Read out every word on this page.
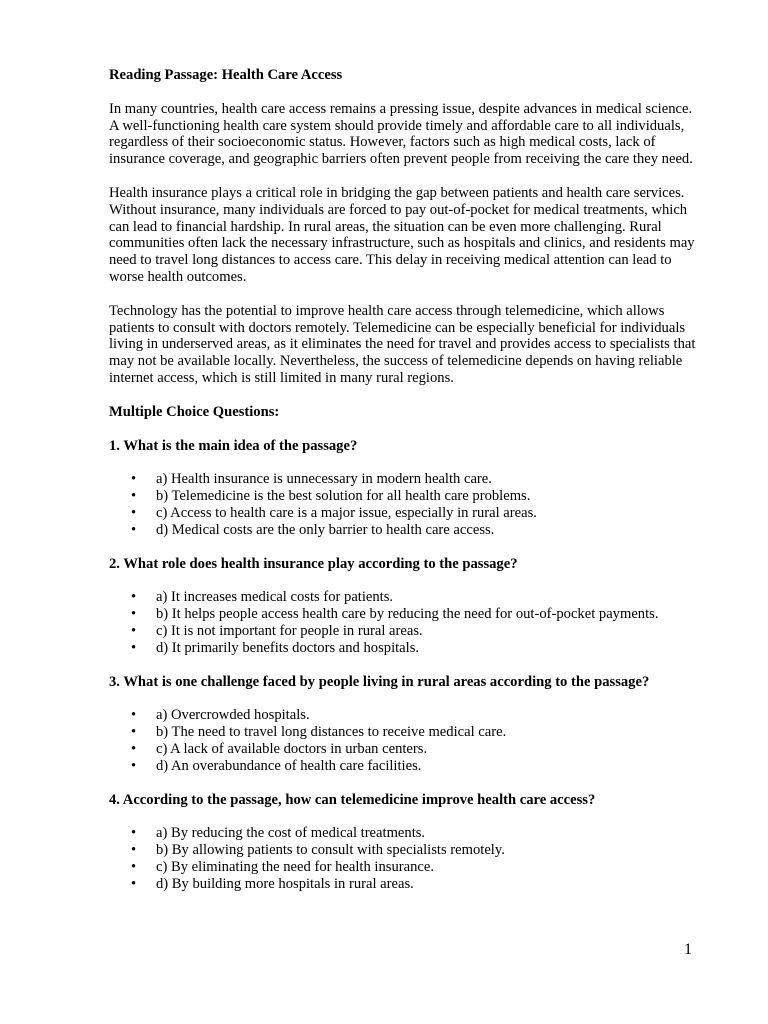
Reading Passage: Health Care Access

In many countries, health care access remains a pressing issue, despite advances in medical science. A well-functioning health care system should provide timely and affordable care to all individuals, regardless of their socioeconomic status. However, factors such as high medical costs, lack of insurance coverage, and geographic barriers often prevent people from receiving the care they need.

Health insurance plays a critical role in bridging the gap between patients and health care services. Without insurance, many individuals are forced to pay out-of-pocket for medical treatments, which can lead to financial hardship. In rural areas, the situation can be even more challenging. Rural communities often lack the necessary infrastructure, such as hospitals and clinics, and residents may need to travel long distances to access care. This delay in receiving medical attention can lead to worse health outcomes.

Technology has the potential to improve health care access through telemedicine, which allows patients to consult with doctors remotely. Telemedicine can be especially beneficial for individuals living in underserved areas, as it eliminates the need for travel and provides access to specialists that may not be available locally. Nevertheless, the success of telemedicine depends on having reliable internet access, which is still limited in many rural regions.

Multiple Choice Questions:

1. What is the main idea of the passage?

• a) Health insurance is unnecessary in modern health care.
• b) Telemedicine is the best solution for all health care problems.
• c) Access to health care is a major issue, especially in rural areas.
• d) Medical costs are the only barrier to health care access.

2. What role does health insurance play according to the passage?

• a) It increases medical costs for patients.
• b) It helps people access health care by reducing the need for out-of-pocket payments.
• c) It is not important for people in rural areas.
• d) It primarily benefits doctors and hospitals.

3. What is one challenge faced by people living in rural areas according to the passage?

• a) Overcrowded hospitals.
• b) The need to travel long distances to receive medical care.
• c) A lack of available doctors in urban centers.
• d) An overabundance of health care facilities.

4. According to the passage, how can telemedicine improve health care access?

• a) By reducing the cost of medical treatments.
• b) By allowing patients to consult with specialists remotely.
• c) By eliminating the need for health insurance.
• d) By building more hospitals in rural areas.
1
